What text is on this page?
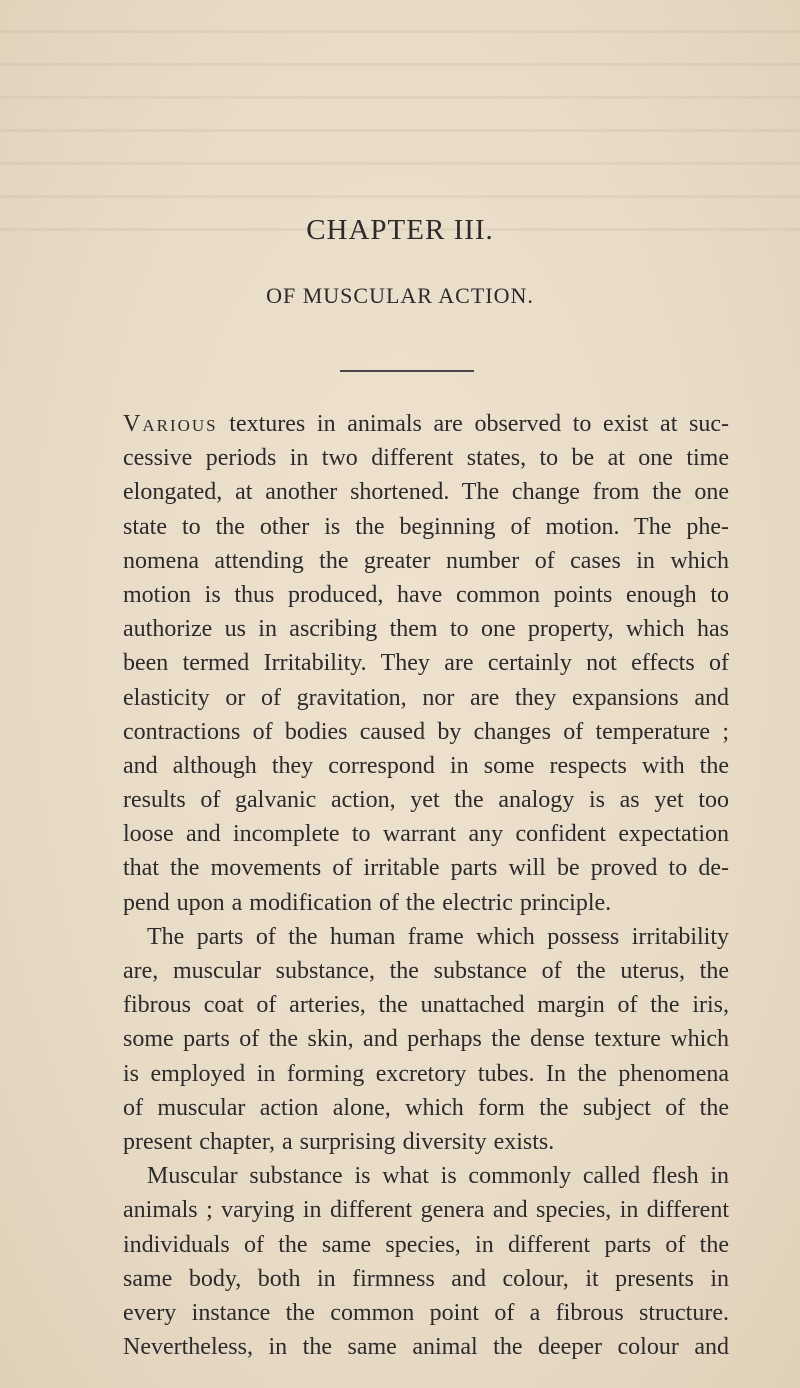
CHAPTER III.
OF MUSCULAR ACTION.
Various textures in animals are observed to exist at suc-
cessive periods in two different states, to be at one time
elongated, at another shortened. The change from the one
state to the other is the beginning of motion. The phe-
nomena attending the greater number of cases in which
motion is thus produced, have common points enough to
authorize us in ascribing them to one property, which has
been termed Irritability. They are certainly not effects of
elasticity or of gravitation, nor are they expansions and
contractions of bodies caused by changes of temperature ;
and although they correspond in some respects with the
results of galvanic action, yet the analogy is as yet too
loose and incomplete to warrant any confident expectation
that the movements of irritable parts will be proved to de-
pend upon a modification of the electric principle.
The parts of the human frame which possess irritability
are, muscular substance, the substance of the uterus, the
fibrous coat of arteries, the unattached margin of the iris,
some parts of the skin, and perhaps the dense texture which
is employed in forming excretory tubes. In the phenomena
of muscular action alone, which form the subject of the
present chapter, a surprising diversity exists.
Muscular substance is what is commonly called flesh in
animals ; varying in different genera and species, in different
individuals of the same species, in different parts of the
same body, both in firmness and colour, it presents in
every instance the common point of a fibrous structure.
Nevertheless, in the same animal the deeper colour and
